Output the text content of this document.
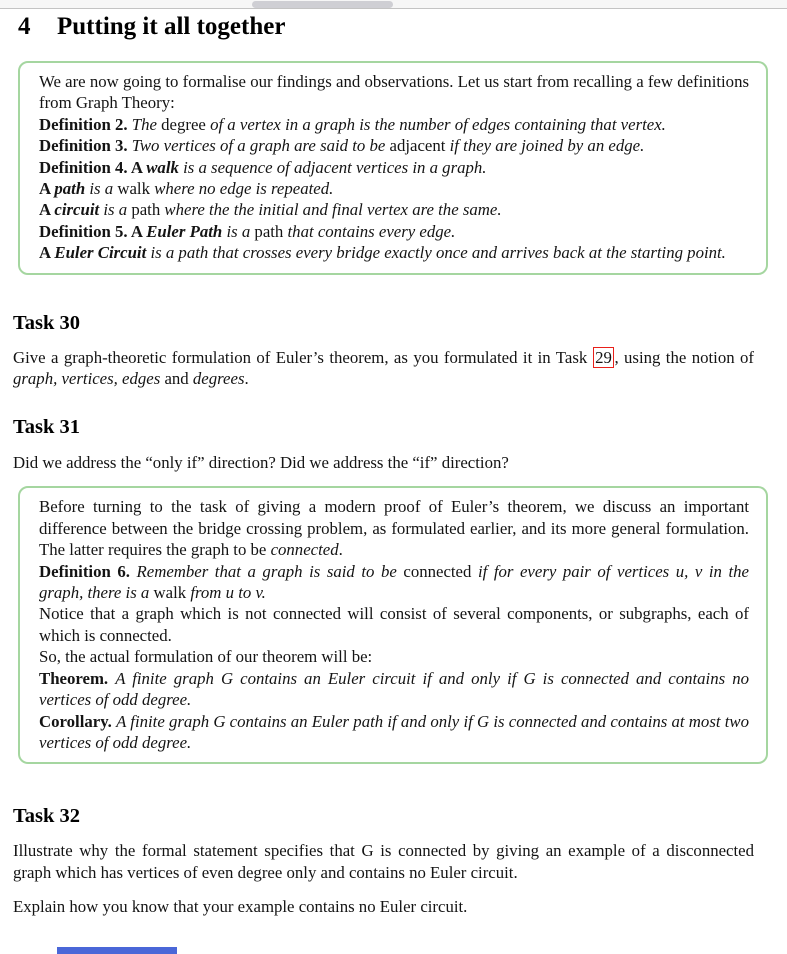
4 Putting it all together

We are now going to formalise our findings and observations. Let us start from recalling a few definitions from Graph Theory:

Definition 2. The degree of a vertex in a graph is the number of edges containing that vertex.

Definition 3. Two vertices of a graph are said to be adjacent if they are joined by an edge.

Definition 4. A walk is a sequence of adjacent vertices in a graph.

A path is a walk where no edge is repeated.

A circuit is a path where the the initial and final vertex are the same.

Definition 5. A Euler Path is a path that contains every edge.

A Euler Circuit is a path that crosses every bridge exactly once and arrives back at the starting point.

Task 30

Give a graph-theoretic formulation of Euler’s theorem, as you formulated it in Task 29 , using the notion of graph, vertices, edges and degrees.

Task 31

Did we address the “only if” direction? Did we address the “if” direction?

Before turning to the task of giving a modern proof of Euler’s theorem, we discuss an important difference between the bridge crossing problem, as formulated earlier, and its more general formulation. The latter requires the graph to be connected.

Definition 6. Remember that a graph is said to be connected if for every pair of vertices u, v in the graph, there is a walk from u to v.

Notice that a graph which is not connected will consist of several components, or subgraphs, each of which is connected.

So, the actual formulation of our theorem will be:

Theorem. A finite graph G contains an Euler circuit if and only if G is connected and contains no vertices of odd degree.

Corollary. A finite graph G contains an Euler path if and only if G is connected and contains at most two vertices of odd degree.

Task 32

Illustrate why the formal statement specifies that G is connected by giving an example of a disconnected graph which has vertices of even degree only and contains no Euler circuit.

Explain how you know that your example contains no Euler circuit.
